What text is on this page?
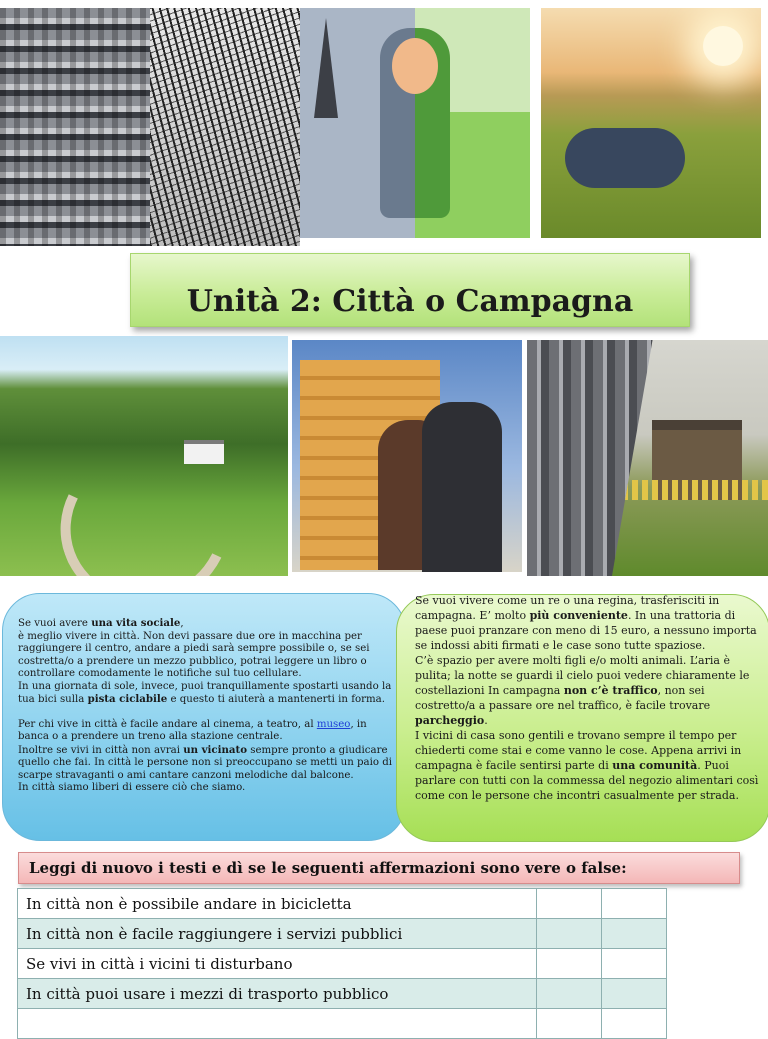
Unità 2: Città o Campagna

Se vuoi avere una vita sociale,

è meglio vivere in città. Non devi passare due ore in macchina per raggiungere il centro, andare a piedi sarà sempre possibile o, se sei costretta/o a prendere un mezzo pubblico, potrai leggere un libro o controllare comodamente le notifiche sul tuo cellulare.

In una giornata di sole, invece, puoi tranquillamente spostarti usando la tua bici sulla pista ciclabile e questo ti aiuterà a mantenerti in forma.

Per chi vive in città è facile andare al cinema, a teatro, al museo, in banca o a prendere un treno alla stazione centrale.

Inoltre se vivi in città non avrai un vicinato sempre pronto a giudicare quello che fai. In città le persone non si preoccupano se metti un paio di scarpe stravaganti o ami cantare canzoni melodiche dal balcone.

In città siamo liberi di essere ciò che siamo.

Se vuoi vivere come un re o una regina, trasferisciti in campagna. E’ molto più conveniente. In una trattoria di paese puoi pranzare con meno di 15 euro, a nessuno importa se indossi abiti firmati e le case sono tutte spaziose.

C’è spazio per avere molti figli e/o molti animali. L’aria è pulita; la notte se guardi il cielo puoi vedere chiaramente le costellazioni In campagna non c’è traffico, non sei costretto/a a passare ore nel traffico, è facile trovare parcheggio.

I vicini di casa sono gentili e trovano sempre il tempo per chiederti come stai e come vanno le cose. Appena arrivi in campagna è facile sentirsi parte di una comunità. Puoi parlare con tutti con la commessa del negozio alimentari così come con le persone che incontri casualmente per strada.

Leggi di nuovo i testi e dì se le seguenti affermazioni sono vere o false:
In città non è possibile andare in bicicletta		
In città non è facile raggiungere i servizi pubblici		
Se vivi in città i vicini ti disturbano		
In città puoi usare i mezzi di trasporto pubblico		
